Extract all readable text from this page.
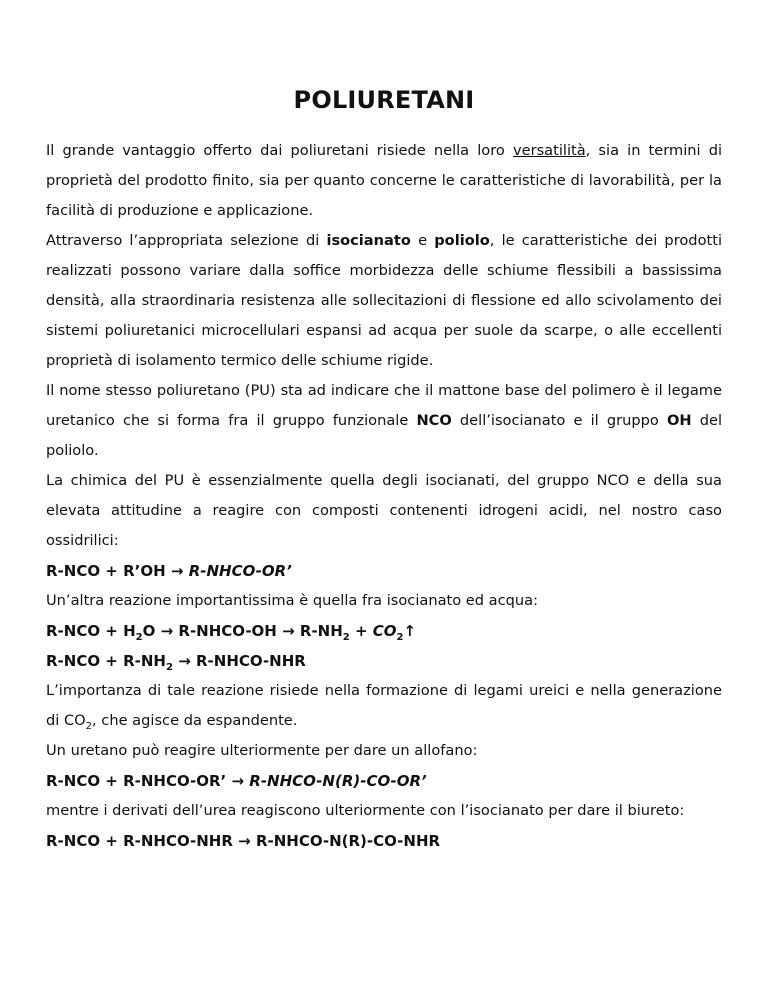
POLIURETANI

Il grande vantaggio offerto dai poliuretani risiede nella loro versatilità, sia in termini di proprietà del prodotto finito, sia per quanto concerne le caratteristiche di lavorabilità, per la facilità di produzione e applicazione.

Attraverso l’appropriata selezione di isocianato e poliolo, le caratteristiche dei prodotti realizzati possono variare dalla soffice morbidezza delle schiume flessibili a bassissima densità, alla straordinaria resistenza alle sollecitazioni di flessione ed allo scivolamento dei sistemi poliuretanici microcellulari espansi ad acqua per suole da scarpe, o alle eccellenti proprietà di isolamento termico delle schiume rigide.

Il nome stesso poliuretano (PU) sta ad indicare che il mattone base del polimero è il legame uretanico che si forma fra il gruppo funzionale NCO dell’isocianato e il gruppo OH del poliolo.

La chimica del PU è essenzialmente quella degli isocianati, del gruppo NCO e della sua elevata attitudine a reagire con composti contenenti idrogeni acidi, nel nostro caso ossidrilici:

R-NCO + R’OH → R-NHCO-OR’

Un’altra reazione importantissima è quella fra isocianato ed acqua:

$R-NCO + H_2O$ → R-NHCO-OH → $R-NH_2$ + $CO_2↑$

$R-NCO + R-NH_2$ → R-NHCO-NHR

L’importanza di tale reazione risiede nella formazione di legami ureici e nella generazione di $CO_2$, che agisce da espandente.

Un uretano può reagire ulteriormente per dare un allofano:

R-NCO + R-NHCO-OR’ → R-NHCO-N(R)-CO-OR’

mentre i derivati dell’urea reagiscono ulteriormente con l’isocianato per dare il biureto:

R-NCO + R-NHCO-NHR → R-NHCO-N(R)-CO-NHR
